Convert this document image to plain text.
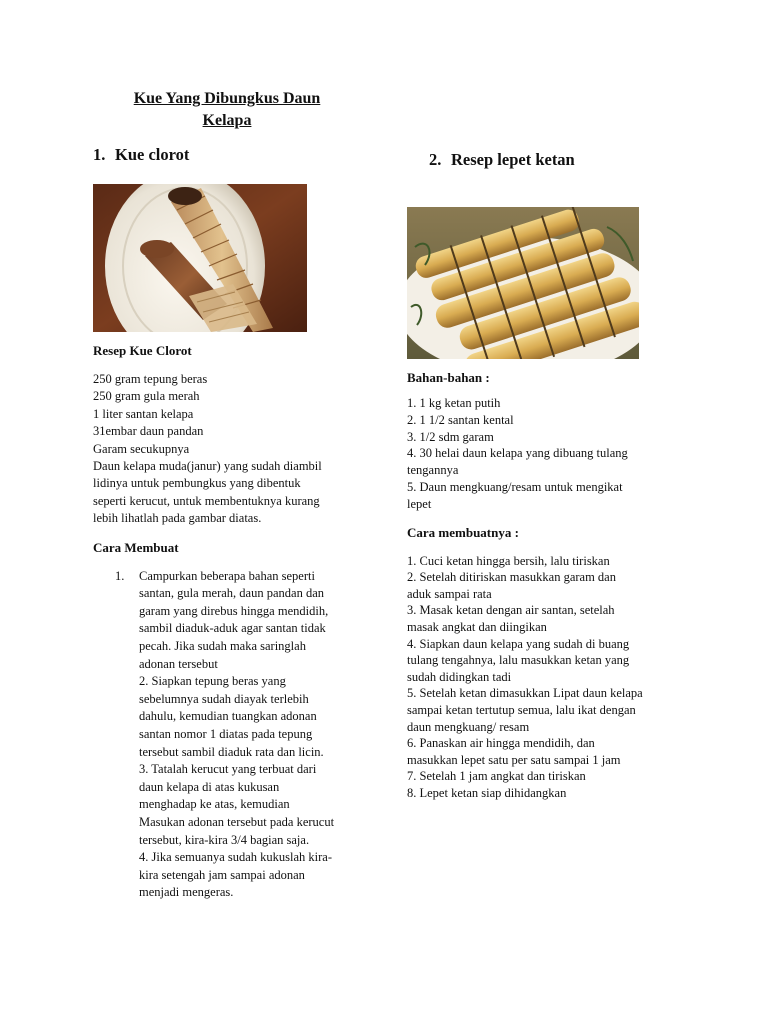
Kue Yang Dibungkus Daun
Kelapa
1. Kue clorot
Resep Kue Clorot
250 gram tepung beras
250 gram gula merah
1 liter santan kelapa
31embar daun pandan
Garam secukupnya
Daun kelapa muda(janur) yang sudah diambil
lidinya untuk pembungkus yang dibentuk
seperti kerucut, untuk membentuknya kurang
lebih lihatlah pada gambar diatas.
Cara Membuat
1. Campurkan beberapa bahan seperti
santan, gula merah, daun pandan dan
garam yang direbus hingga mendidih,
sambil diaduk-aduk agar santan tidak
pecah. Jika sudah maka saringlah
adonan tersebut
2. Siapkan tepung beras yang
sebelumnya sudah diayak terlebih
dahulu, kemudian tuangkan adonan
santan nomor 1 diatas pada tepung
tersebut sambil diaduk rata dan licin.
3. Tatalah kerucut yang terbuat dari
daun kelapa di atas kukusan
menghadap ke atas, kemudian
Masukan adonan tersebut pada kerucut
tersebut, kira-kira 3/4 bagian saja.
4. Jika semuanya sudah kukuslah kira-
kira setengah jam sampai adonan
menjadi mengeras.
2. Resep lepet ketan
Bahan-bahan :
1. 1 kg ketan putih
2. 1 1/2 santan kental
3. 1/2 sdm garam
4. 30 helai daun kelapa yang dibuang tulang
tengannya
5. Daun mengkuang/resam untuk mengikat
lepet
Cara membuatnya :
1. Cuci ketan hingga bersih, lalu tiriskan
2. Setelah ditiriskan masukkan garam dan
aduk sampai rata
3. Masak ketan dengan air santan, setelah
masak angkat dan diingikan
4. Siapkan daun kelapa yang sudah di buang
tulang tengahnya, lalu masukkan ketan yang
sudah didingkan tadi
5. Setelah ketan dimasukkan Lipat daun kelapa
sampai ketan tertutup semua, lalu ikat dengan
daun mengkuang/ resam
6. Panaskan air hingga mendidih, dan
masukkan lepet satu per satu sampai 1 jam
7. Setelah 1 jam angkat dan tiriskan
8. Lepet ketan siap dihidangkan
